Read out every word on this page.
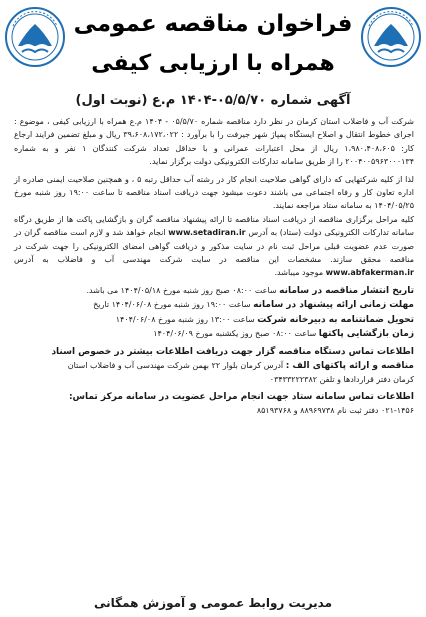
فراخوان مناقصه عمومی
همراه با ارزیابی کیفی
آگهی شماره ۰۵/۵/۷۰-۱۴۰۴ م.ع (نوبت اول)

شرکت آب و فاضلاب استان کرمان در نظر دارد مناقصه شماره ۰۵/۵/۷۰ - ۱۴۰۴ م.ع همراه با ارزیابی کیفی ، موضوع : اجرای خطوط انتقال و اصلاح ایستگاه پمپاژ شهر جیرفت را با برآورد : ۳۹،۶۰۸،۱۷۲،۰۲۲ ریال و مبلغ تضمین فرایند ارجاع کار: ۱،۹۸۰،۴۰۸،۶۰۵ ریال از محل اعتبارات عمرانی و با حداقل تعداد شرکت کنندگان ۱ نفر و به شماره ۲۰۰۴۰۰۵۹۶۳۰۰۰۱۳۴ را از طریق سامانه تدارکات الکترونیکی دولت برگزار نماید.

لذا از کلیه شرکتهایی که دارای گواهی صلاحیت انجام کار در رشته آب حداقل رتبه ۵ ، و همچنین صلاحیت ایمنی صادره از اداره تعاون کار و رفاه اجتماعی می باشند دعوت میشود جهت دریافت اسناد مناقصه تا ساعت ۱۹:۰۰ روز شنبه مورخ ۱۴۰۴/۰۵/۲۵ به سامانه ستاد مراجعه نمایند.

کلیه مراحل برگزاری مناقصه از دریافت اسناد مناقصه تا ارائه پیشنهاد مناقصه گران و بازگشایی پاکت ها از طریق درگاه سامانه تدارکات الکترونیکی دولت (ستاد) به آدرس www.setadiran.ir انجام خواهد شد و لازم است مناقصه گران در صورت عدم عضویت قبلی مراحل ثبت نام در سایت مذکور و دریافت گواهی امضای الکترونیکی را جهت شرکت در مناقصه محقق سازند. مشخصات این مناقصه در سایت شرکت مهندسی آب و فاضلاب به آدرس www.abfakerman.ir موجود میباشد.

تاریخ انتشار مناقصه در سامانه ساعت ۰۸:۰۰ صبح روز شنبه مورخ ۱۴۰۴/۰۵/۱۸ می باشد.

مهلت زمانی ارائه پیشنهاد در سامانه ساعت ۱۹:۰۰ روز شنبه مورخ ۱۴۰۴/۰۶/۰۸ تاریخ

تحویل ضمانتنامه به دبیرخانه شرکت ساعت ۱۳:۰۰ روز شنبه مورخ ۱۴۰۴/۰۶/۰۸

زمان بازگشایی پاکتها ساعت ۰۸:۰۰ صبح روز یکشنبه مورخ ۱۴۰۴/۰۶/۰۹

اطلاعات تماس دستگاه مناقصه گزار جهت دریافت اطلاعات بیشتر در خصوص اسناد
مناقصه و ارائه پاکتهای الف : آدرس کرمان بلوار ۲۲ بهمن شرکت مهندسی آب و فاضلاب استان
کرمان دفتر قراردادها و تلفن ۰۳۴۳۳۲۲۲۳۸۲

اطلاعات تماس سامانه ستاد جهت انجام مراحل عضویت در سامانه مرکز تماس:
۰۲۱-۱۴۵۶ دفتر ثبت نام ۸۸۹۶۹۷۳۸ و ۸۵۱۹۳۷۶۸

مدیریت روابط عمومی و آموزش همگانی
